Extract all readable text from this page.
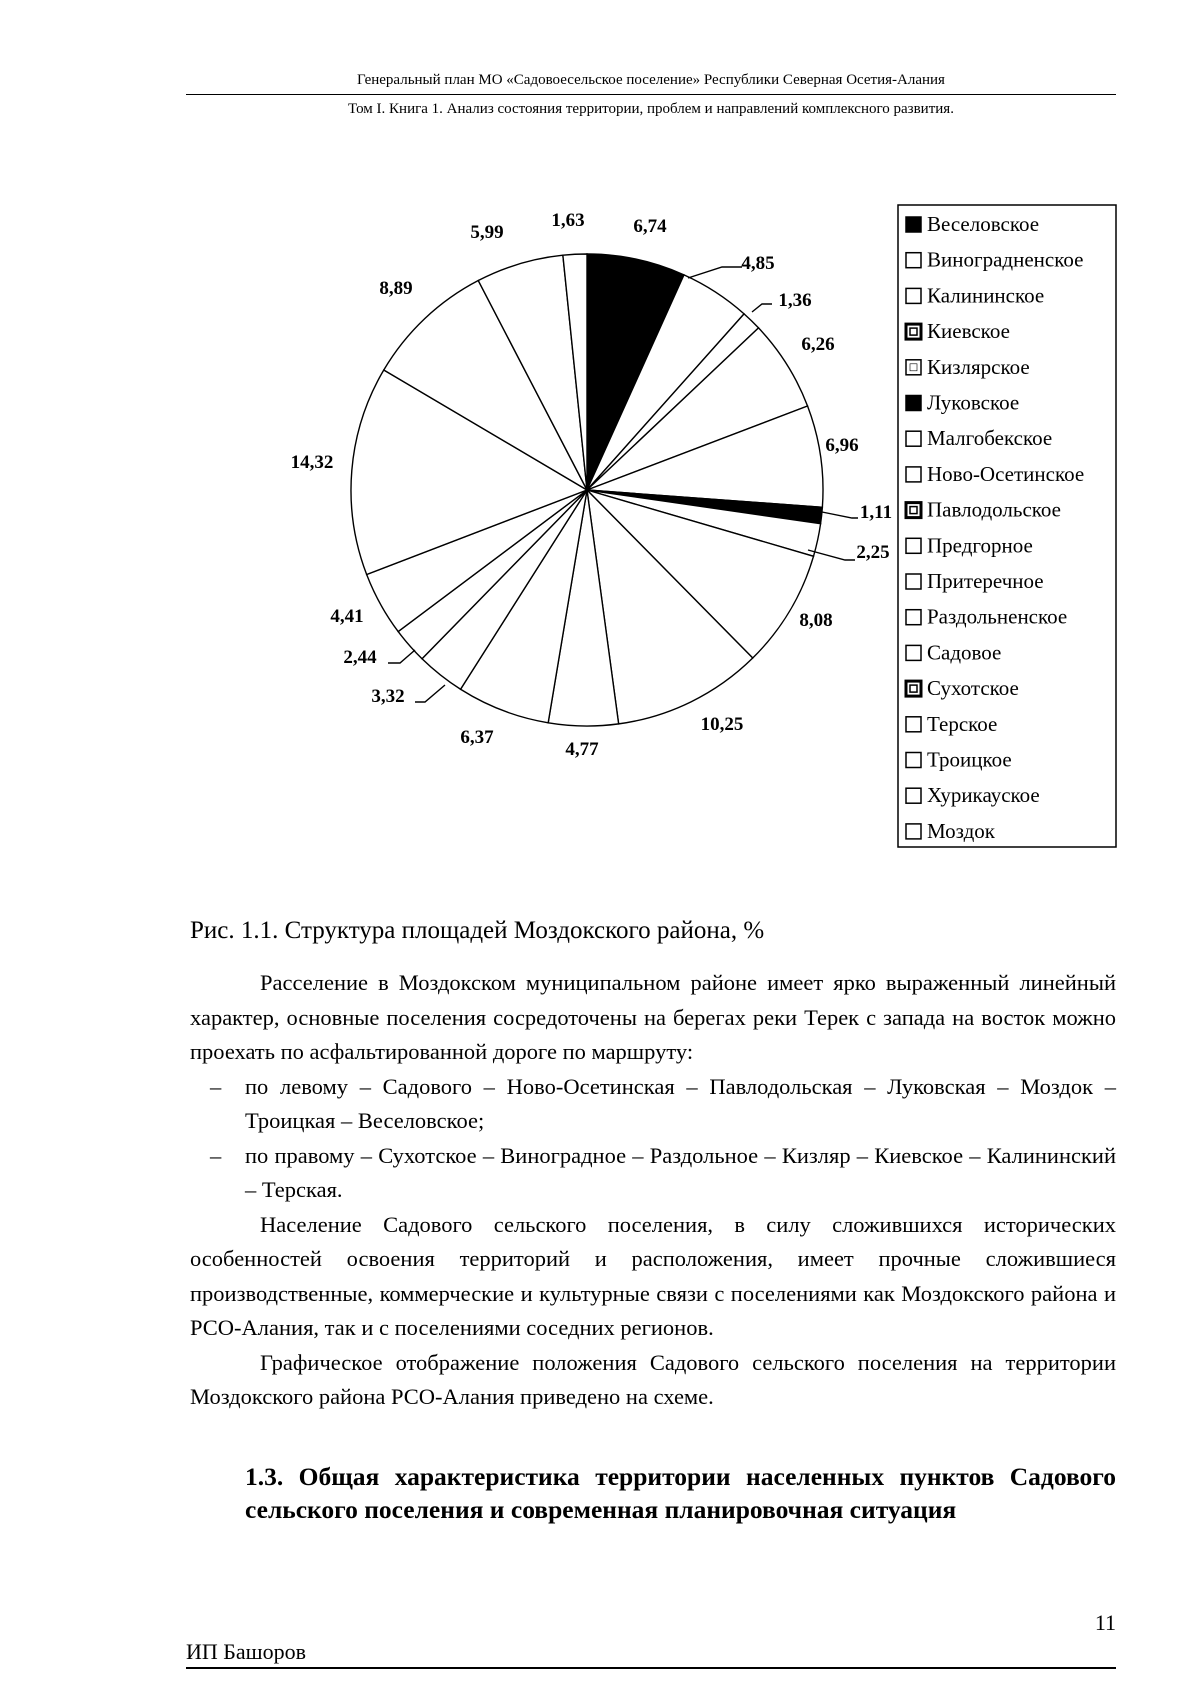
Генеральный план МО «Садовоесельское поселение» Республики Северная Осетия-Алания
Том I. Книга 1. Анализ состояния территории, проблем и направлений комплексного развития.
6,74
4,85
1,36
6,26
6,96
1,11
2,25
8,08
10,25
4,77
6,37
3,32
2,44
4,41
14,32
8,89
5,99
1,63	Веселовское
Виноградненское
Калининское
Киевское
Кизлярское
Луковское
Малгобекское
Ново-Осетинское
Павлодольское
Предгорное
Притеречное
Раздольненское
Садовое
Сухотское
Терское
Троицкое
Хурикауское
Моздок
Рис. 1.1. Структура площадей Моздокского района, %

Расселение в Моздокском муниципальном районе имеет ярко выраженный линейный характер, основные поселения сосредоточены на берегах реки Терек с запада на восток можно проехать по асфальтированной дороге по маршруту:

– по левому – Садового – Ново-Осетинская – Павлодольская – Луковская – Моздок – Троицкая – Веселовское;
– по правому – Сухотское – Виноградное – Раздольное – Кизляр – Киевское – Калининский – Терская.

Население Садового сельского поселения, в силу сложившихся исторических особенностей освоения территорий и расположения, имеет прочные сложившиеся производственные, коммерческие и культурные связи с поселениями как Моздокского района и РСО-Алания, так и с поселениями соседних регионов.

Графическое отображение положения Садового сельского поселения на территории Моздокского района РСО-Алания приведено на схеме.

1.3. Общая характеристика территории населенных пунктов Садового сельского поселения и современная планировочная ситуация
11
ИП Башоров
